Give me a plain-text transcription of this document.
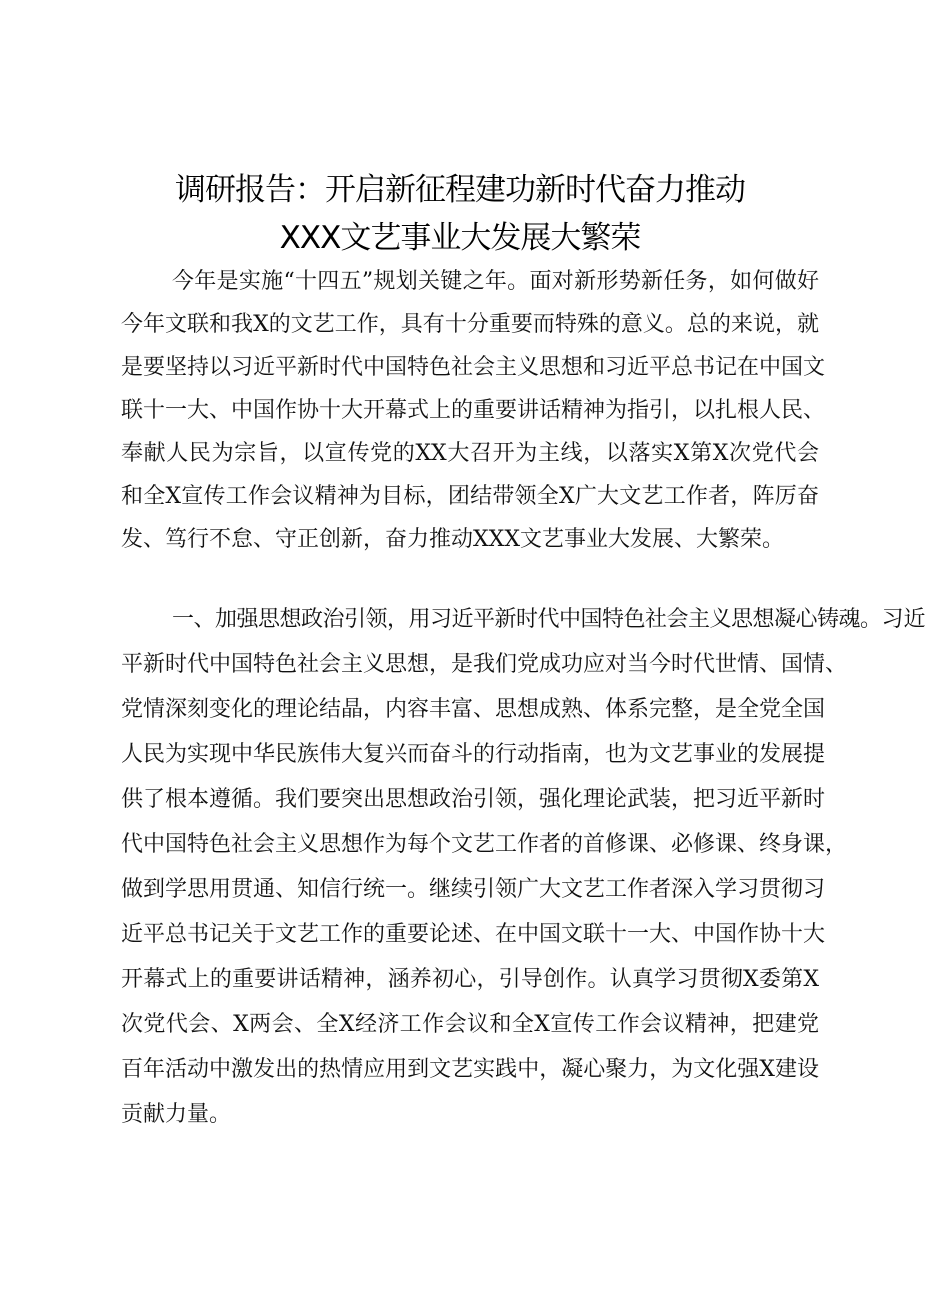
调研报告：开启新征程建功新时代奋力推动
XXX文艺事业大发展大繁荣
今年是实施“十四五”规划关键之年。面对新形势新任务，如何做好
今年文联和我X的文艺工作，具有十分重要而特殊的意义。总的来说，就
是要坚持以习近平新时代中国特色社会主义思想和习近平总书记在中国文
联十一大、中国作协十大开幕式上的重要讲话精神为指引，以扎根人民、
奉献人民为宗旨，以宣传党的XX大召开为主线，以落实X第X次党代会
和全X宣传工作会议精神为目标，团结带领全X广大文艺工作者，阵厉奋
发、笃行不怠、守正创新，奋力推动XXX文艺事业大发展、大繁荣。
一、加强思想政治引领，用习近平新时代中国特色社会主义思想凝心铸魂。习近
平新时代中国特色社会主义思想，是我们党成功应对当今时代世情、国情、
党情深刻变化的理论结晶，内容丰富、思想成熟、体系完整，是全党全国
人民为实现中华民族伟大复兴而奋斗的行动指南，也为文艺事业的发展提
供了根本遵循。我们要突出思想政治引领，强化理论武装，把习近平新时
代中国特色社会主义思想作为每个文艺工作者的首修课、必修课、终身课，
做到学思用贯通、知信行统一。继续引领广大文艺工作者深入学习贯彻习
近平总书记关于文艺工作的重要论述、在中国文联十一大、中国作协十大
开幕式上的重要讲话精神，涵养初心，引导创作。认真学习贯彻X委第X
次党代会、X两会、全X经济工作会议和全X宣传工作会议精神，把建党
百年活动中激发出的热情应用到文艺实践中，凝心聚力，为文化强X建设
贡献力量。
